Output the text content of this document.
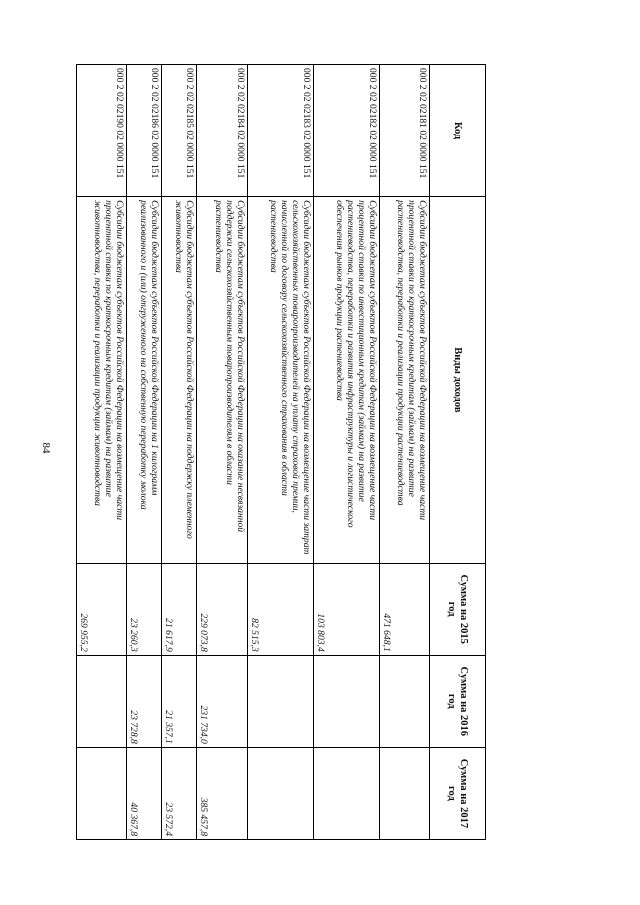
84
Код	Виды доходов	Сумма на 2015 год	Сумма на 2016 год	Сумма на 2017 год
000 2 02 02181 02 0000 151	Субсидии бюджетам субъектов Российской Федерации на возмещение части процентной ставки по краткосрочным кредитам (займам) на развитие растениеводства, переработки и реализации продукции растениеводства	471 648,1		
000 2 02 02182 02 0000 151	Субсидии бюджетам субъектов Российской Федерации на возмещение части процентной ставки по инвестиционным кредитам (займам) на развитие растениеводства, переработки и развития инфраструктуры и логистического обеспечения рынков продукции растениеводства	103 803,4		
000 2 02 02183 02 0000 151	Субсидии бюджетам субъектов Российской Федерации на возмещение части затрат сельскохозяйственных товаропроизводителей на уплату страховой премии, начисленной по договору сельскохозяйственного страхования в области растениеводства	82 515,3		
000 2 02 02184 02 0000 151	Субсидии бюджетам субъектов Российской Федерации на оказание несвязанной поддержки сельскохозяйственным товаропроизводителям в области растениеводства	229 073,8	231 734,0	385 457,8
000 2 02 02185 02 0000 151	Субсидии бюджетам субъектов Российской Федерации на поддержку племенного животноводства	21 617,9	21 357,1	23 572,4
000 2 02 02186 02 0000 151	Субсидии бюджетам субъектов Российской Федерации на 1 килограмм реализованного и (или) отгруженного на собственную переработку молока	23 260,3	23 728,8	40 367,8
000 2 02 02190 02 0000 151	Субсидии бюджетам субъектов Российской Федерации на возмещение части процентной ставки по краткосрочным кредитам (займам) на развитие животноводства, переработки и реализации продукции животноводства	269 955,2		
